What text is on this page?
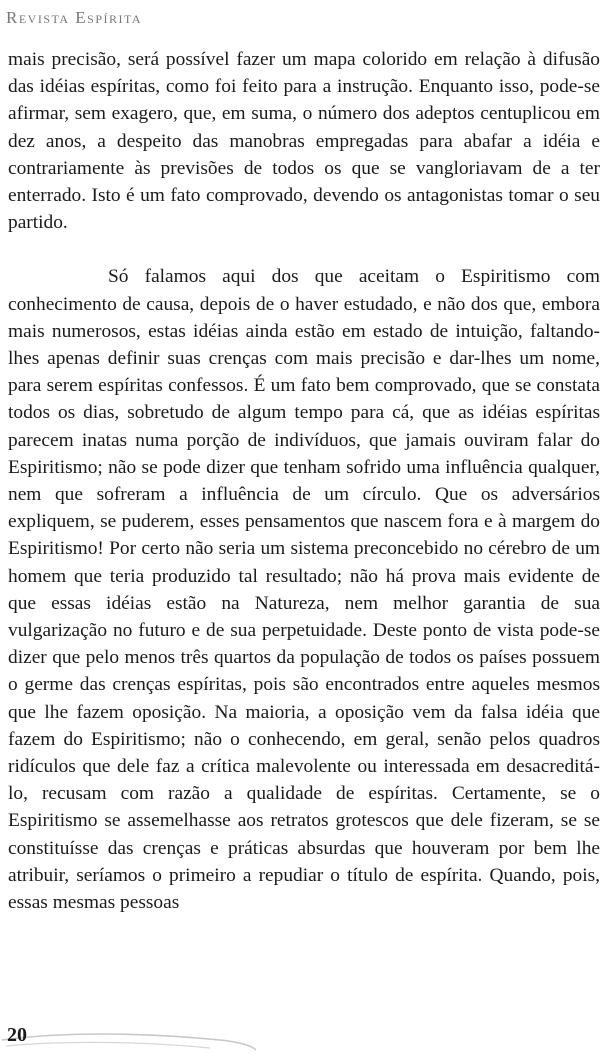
Revista Espírita

mais precisão, será possível fazer um mapa colorido em relação à difusão das idéias espíritas, como foi feito para a instrução. Enquanto isso, pode-se afirmar, sem exagero, que, em suma, o número dos adeptos centuplicou em dez anos, a despeito das manobras empregadas para abafar a idéia e contrariamente às previsões de todos os que se vangloriavam de a ter enterrado. Isto é um fato comprovado, devendo os antagonistas tomar o seu partido.

Só falamos aqui dos que aceitam o Espiritismo com conhecimento de causa, depois de o haver estudado, e não dos que, embora mais numerosos, estas idéias ainda estão em estado de intuição, faltando-lhes apenas definir suas crenças com mais precisão e dar-lhes um nome, para serem espíritas confessos. É um fato bem comprovado, que se constata todos os dias, sobretudo de algum tempo para cá, que as idéias espíritas parecem inatas numa porção de indivíduos, que jamais ouviram falar do Espiritismo; não se pode dizer que tenham sofrido uma influência qualquer, nem que sofreram a influência de um círculo. Que os adversários expliquem, se puderem, esses pensamentos que nascem fora e à margem do Espiritismo! Por certo não seria um sistema preconcebido no cérebro de um homem que teria produzido tal resultado; não há prova mais evidente de que essas idéias estão na Natureza, nem melhor garantia de sua vulgarização no futuro e de sua perpetuidade. Deste ponto de vista pode-se dizer que pelo menos três quartos da população de todos os países possuem o germe das crenças espíritas, pois são encontrados entre aqueles mesmos que lhe fazem oposição. Na maioria, a oposição vem da falsa idéia que fazem do Espiritismo; não o conhecendo, em geral, senão pelos quadros ridículos que dele faz a crítica malevolente ou interessada em desacreditá-lo, recusam com razão a qualidade de espíritas. Certamente, se o Espiritismo se assemelhasse aos retratos grotescos que dele fizeram, se se constituísse das crenças e práticas absurdas que houveram por bem lhe atribuir, seríamos o primeiro a repudiar o título de espírita. Quando, pois, essas mesmas pessoas

20
